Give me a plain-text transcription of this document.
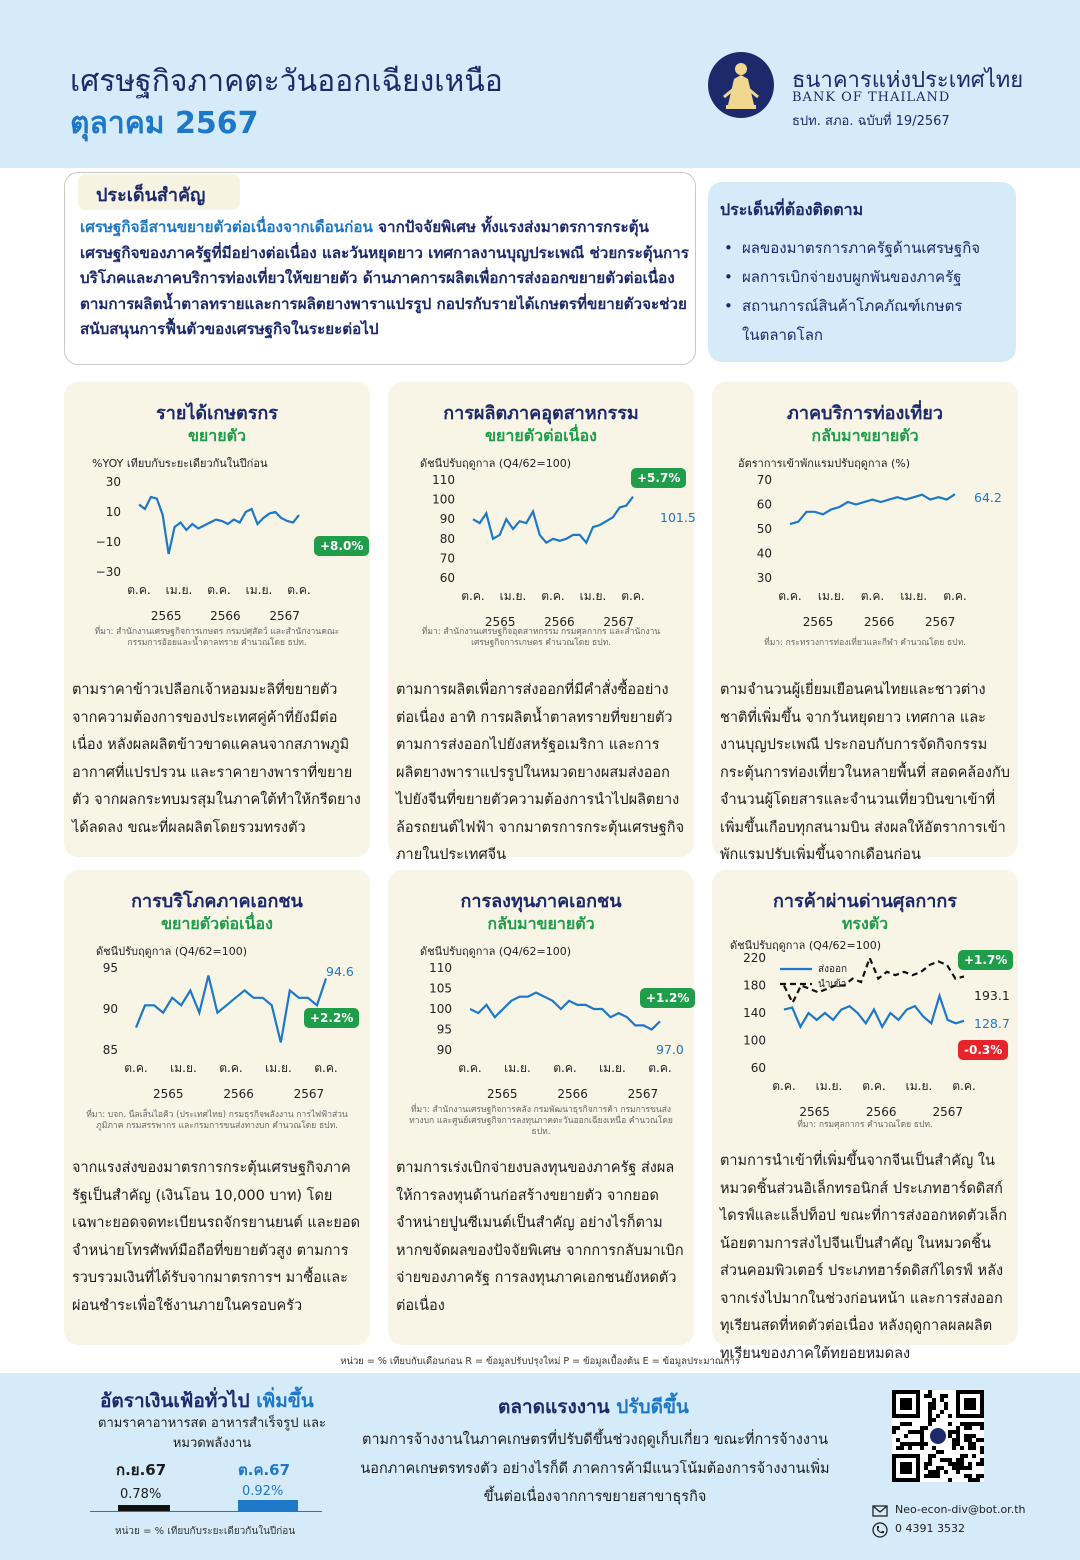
เศรษฐกิจภาคตะวันออกเฉียงเหนือ
ตุลาคม 2567
ธนาคารแห่งประเทศไทย
BANK OF THAILAND
ธปท. สภอ. ฉบับที่ 19/2567
ประเด็นสำคัญ
เศรษฐกิจอีสานขยายตัวต่อเนื่องจากเดือนก่อน จากปัจจัยพิเศษ ทั้งแรงส่งมาตรการกระตุ้นเศรษฐกิจของภาครัฐที่มีอย่างต่อเนื่อง และวันหยุดยาว เทศกาลงานบุญประเพณี ช่วยกระตุ้นการบริโภคและภาคบริการท่องเที่ยวให้ขยายตัว ด้านภาคการผลิตเพื่อการส่งออกขยายตัวต่อเนื่อง ตามการผลิตน้ำตาลทรายและการผลิตยางพาราแปรรูป กอปรกับรายได้เกษตรที่ขยายตัวจะช่วยสนับสนุนการฟื้นตัวของเศรษฐกิจในระยะต่อไป
ประเด็นที่ต้องติดตาม
• ผลของมาตรการภาครัฐด้านเศรษฐกิจ
• ผลการเบิกจ่ายงบผูกพันของภาครัฐ
• สถานการณ์สินค้าโภคภัณฑ์เกษตร
ในตลาดโลก
รายได้เกษตรกร
ขยายตัว
%YOY เทียบกับระยะเดียวกันในปีก่อน
30
10
−10
−30
ต.ค. เม.ย. ต.ค. เม.ย. ต.ค.
2565 2566 2567
+8.0%
ที่มา: สำนักงานเศรษฐกิจการเกษตร กรมปศุสัตว์ และสำนักงานคณะกรรมการอ้อยและน้ำตาลทราย คำนวณโดย ธปท.
ตามราคาข้าวเปลือกเจ้าหอมมะลิที่ขยายตัว จากความต้องการของประเทศคู่ค้าที่ยังมีต่อเนื่อง หลังผลผลิตข้าวขาดแคลนจากสภาพภูมิอากาศที่แปรปรวน และราคายางพาราที่ขยายตัว จากผลกระทบมรสุมในภาคใต้ทำให้กรีดยางได้ลดลง ขณะที่ผลผลิตโดยรวมทรงตัว
การผลิตภาคอุตสาหกรรม
ขยายตัวต่อเนื่อง
ดัชนีปรับฤดูกาล (Q4/62=100)
110
100
90
80
70
60
ต.ค. เม.ย. ต.ค. เม.ย. ต.ค.
2565 2566 2567
+5.7%
101.5
ที่มา: สำนักงานเศรษฐกิจอุตสาหกรรม กรมศุลกากร และสำนักงานเศรษฐกิจการเกษตร คำนวณโดย ธปท.
ตามการผลิตเพื่อการส่งออกที่มีคำสั่งซื้ออย่างต่อเนื่อง อาทิ การผลิตน้ำตาลทรายที่ขยายตัวตามการส่งออกไปยังสหรัฐอเมริกา และการผลิตยางพาราแปรรูปในหมวดยางผสมส่งออกไปยังจีนที่ขยายตัวความต้องการนำไปผลิตยางล้อรถยนต์ไฟฟ้า จากมาตรการกระตุ้นเศรษฐกิจภายในประเทศจีน
ภาคบริการท่องเที่ยว
กลับมาขยายตัว
อัตราการเข้าพักแรมปรับฤดูกาล (%)
70
60
50
40
30
ต.ค. เม.ย. ต.ค. เม.ย. ต.ค.
2565	2566	2567
64.2
ที่มา: กระทรวงการท่องเที่ยวและกีฬา คำนวณโดย ธปท.
ตามจำนวนผู้เยี่ยมเยือนคนไทยและชาวต่างชาติที่เพิ่มขึ้น จากวันหยุดยาว เทศกาล และงานบุญประเพณี ประกอบกับการจัดกิจกรรมกระตุ้นการท่องเที่ยวในหลายพื้นที่ สอดคล้องกับจำนวนผู้โดยสารและจำนวนเที่ยวบินขาเข้าที่เพิ่มขึ้นเกือบทุกสนามบิน ส่งผลให้อัตราการเข้าพักแรมปรับเพิ่มขึ้นจากเดือนก่อน
การบริโภคภาคเอกชน
ขยายตัวต่อเนื่อง
ดัชนีปรับฤดูกาล (Q4/62=100)
95
90
85
ต.ค. เม.ย. ต.ค. เม.ย. ต.ค.
2565	2566	2567
+2.2%
94.6
ที่มา: บจก. นีลเส็นไอคิว (ประเทศไทย) กรมธุรกิจพลังงาน การไฟฟ้าส่วนภูมิภาค กรมสรรพากร และกรมการขนส่งทางบก คำนวณโดย ธปท.
จากแรงส่งของมาตรการกระตุ้นเศรษฐกิจภาครัฐเป็นสำคัญ (เงินโอน 10,000 บาท) โดยเฉพาะยอดจดทะเบียนรถจักรยานยนต์ และยอดจำหน่ายโทรศัพท์มือถือที่ขยายตัวสูง ตามการรวบรวมเงินที่ได้รับจากมาตรการฯ มาซื้อและผ่อนชำระเพื่อใช้งานภายในครอบครัว
การลงทุนภาคเอกชน
กลับมาขยายตัว
ดัชนีปรับฤดูกาล (Q4/62=100)
110
105
100
95
90
ต.ค. เม.ย. ต.ค. เม.ย. ต.ค.
2565	2566	2567
+1.2%
97.0
ที่มา: สำนักงานเศรษฐกิจการคลัง กรมพัฒนาธุรกิจการค้า กรมการขนส่งทางบก และศูนย์เศรษฐกิจการลงทุนภาคตะวันออกเฉียงเหนือ คำนวณโดย ธปท.
ตามการเร่งเบิกจ่ายงบลงทุนของภาครัฐ ส่งผลให้การลงทุนด้านก่อสร้างขยายตัว จากยอดจำหน่ายปูนซีเมนต์เป็นสำคัญ อย่างไรก็ตาม หากขจัดผลของปัจจัยพิเศษ จากการกลับมาเบิกจ่ายของภาครัฐ การลงทุนภาคเอกชนยังหดตัวต่อเนื่อง
การค้าผ่านด่านศุลกากร
ทรงตัว
ดัชนีปรับฤดูกาล (Q4/62=100)
220
180
140
100
60
ต.ค. เม.ย. ต.ค. เม.ย. ต.ค.
2565	2566	2567
+1.7%
-0.3%
193.1
128.7
ส่งออก
นำเข้า
ที่มา: กรมศุลกากร คำนวณโดย ธปท.
ตามการนำเข้าที่เพิ่มขึ้นจากจีนเป็นสำคัญ ในหมวดชิ้นส่วนอิเล็กทรอนิกส์ ประเภทฮาร์ดดิสก์ไดรฟ์และแล็ปท็อป ขณะที่การส่งออกหดตัวเล็กน้อยตามการส่งไปจีนเป็นสำคัญ ในหมวดชิ้นส่วนคอมพิวเตอร์ ประเภทฮาร์ดดิสก์ไดรฟ์ หลังจากเร่งไปมากในช่วงก่อนหน้า และการส่งออกทุเรียนสดที่หดตัวต่อเนื่อง หลังฤดูกาลผลผลิตทุเรียนของภาคใต้ทยอยหมดลง
หน่วย = % เทียบกับเดือนก่อน R = ข้อมูลปรับปรุงใหม่ P = ข้อมูลเบื้องต้น E = ข้อมูลประมาณการ
อัตราเงินเฟ้อทั่วไป เพิ่มขึ้น
ตามราคาอาหารสด อาหารสำเร็จรูป และหมวดพลังงาน
ก.ย.67	ต.ค.67
0.78%	0.92%
หน่วย = % เทียบกับระยะเดียวกันในปีก่อน
ตลาดแรงงาน ปรับดีขึ้น
ตามการจ้างงานในภาคเกษตรที่ปรับดีขึ้นช่วงฤดูเก็บเกี่ยว ขณะที่การจ้างงานนอกภาคเกษตรทรงตัว อย่างไรก็ดี ภาคการค้ามีแนวโน้มต้องการจ้างงานเพิ่มขึ้นต่อเนื่องจากการขยายสาขาธุรกิจ
Neo-econ-div@bot.or.th
0 4391 3532
